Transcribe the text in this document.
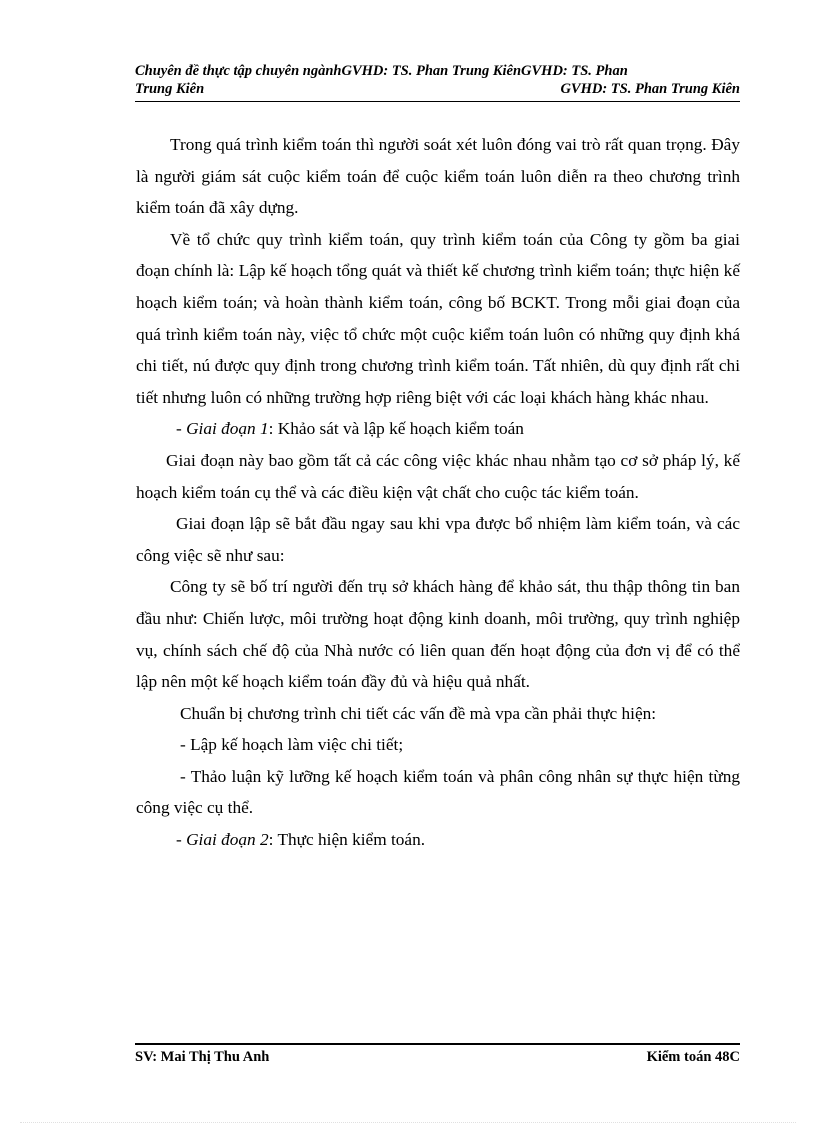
Chuyên đề thực tập chuyên ngànhGVHD: TS. Phan Trung KiênGVHD: TS. Phan
Trung Kiên	GVHD: TS. Phan Trung Kiên

Trong quá trình kiểm toán thì người soát xét luôn đóng vai trò rất quan trọng. Đây là người giám sát cuộc kiểm toán để cuộc kiểm toán luôn diễn ra theo chương trình kiểm toán đã xây dựng.

Về tổ chức quy trình kiểm toán, quy trình kiểm toán của Công ty gồm ba giai đoạn chính là: Lập kế hoạch tổng quát và thiết kế chương trình kiểm toán; thực hiện kế hoạch kiểm toán; và hoàn thành kiểm toán, công bố BCKT. Trong mỗi giai đoạn của quá trình kiểm toán này, việc tổ chức một cuộc kiểm toán luôn có những quy định khá chi tiết, nú được quy định trong chương trình kiểm toán. Tất nhiên, dù quy định rất chi tiết nhưng luôn có những trường hợp riêng biệt với các loại khách hàng khác nhau.

- Giai đoạn 1: Khảo sát và lập kế hoạch kiểm toán

Giai đoạn này bao gồm tất cả các công việc khác nhau nhằm tạo cơ sở pháp lý, kế hoạch kiểm toán cụ thể và các điều kiện vật chất cho cuộc tác kiểm toán.

Giai đoạn lập sẽ bắt đầu ngay sau khi vpa được bổ nhiệm làm kiểm toán, và các công việc sẽ như sau:

Công ty sẽ bố trí người đến trụ sở khách hàng để khảo sát, thu thập thông tin ban đầu như: Chiến lược, môi trường hoạt động kinh doanh, môi trường, quy trình nghiệp vụ, chính sách chế độ của Nhà nước có liên quan đến hoạt động của đơn vị để có thể lập nên một kế hoạch kiểm toán đầy đủ và hiệu quả nhất.

Chuẩn bị chương trình chi tiết các vấn đề mà vpa cần phải thực hiện:

- Lập kế hoạch làm việc chi tiết;

- Thảo luận kỹ lưỡng kế hoạch kiểm toán và phân công nhân sự thực hiện từng công việc cụ thể.

- Giai đoạn 2: Thực hiện kiểm toán.

SV: Mai Thị Thu Anh	Kiểm toán 48C
